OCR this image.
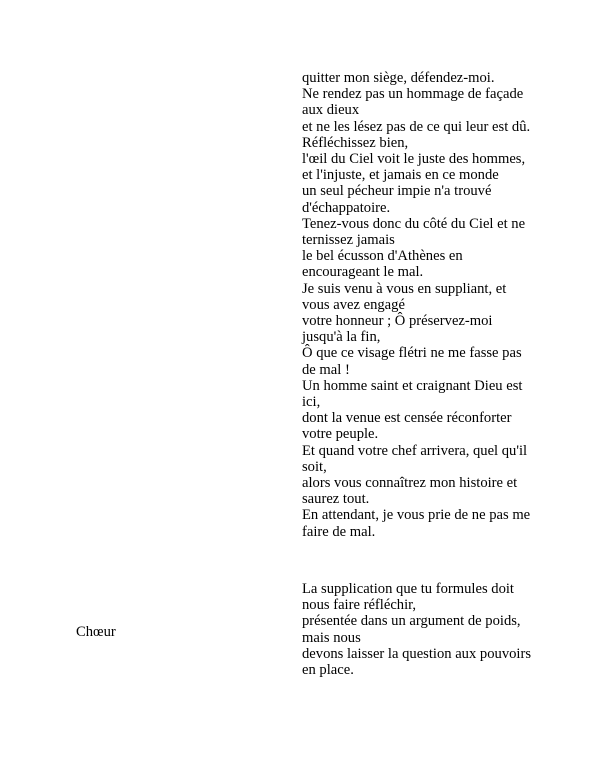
quitter mon siège, défendez-moi.
Ne rendez pas un hommage de façade aux dieux
et ne les lésez pas de ce qui leur est dû. Réfléchissez bien,
l'œil du Ciel voit le juste des hommes,
et l'injuste, et jamais en ce monde
un seul pécheur impie n'a trouvé d'échappatoire.
Tenez-vous donc du côté du Ciel et ne ternissez jamais
le bel écusson d'Athènes en encourageant le mal.
Je suis venu à vous en suppliant, et vous avez engagé
votre honneur ; Ô préservez-moi jusqu'à la fin,
Ô que ce visage flétri ne me fasse pas de mal !
Un homme saint et craignant Dieu est ici,
dont la venue est censée réconforter votre peuple.
Et quand votre chef arrivera, quel qu'il soit,
alors vous connaîtrez mon histoire et saurez tout.
En attendant, je vous prie de ne pas me faire de mal.
Chœur
La supplication que tu formules doit nous faire réfléchir,
présentée dans un argument de poids, mais nous
devons laisser la question aux pouvoirs en place.
